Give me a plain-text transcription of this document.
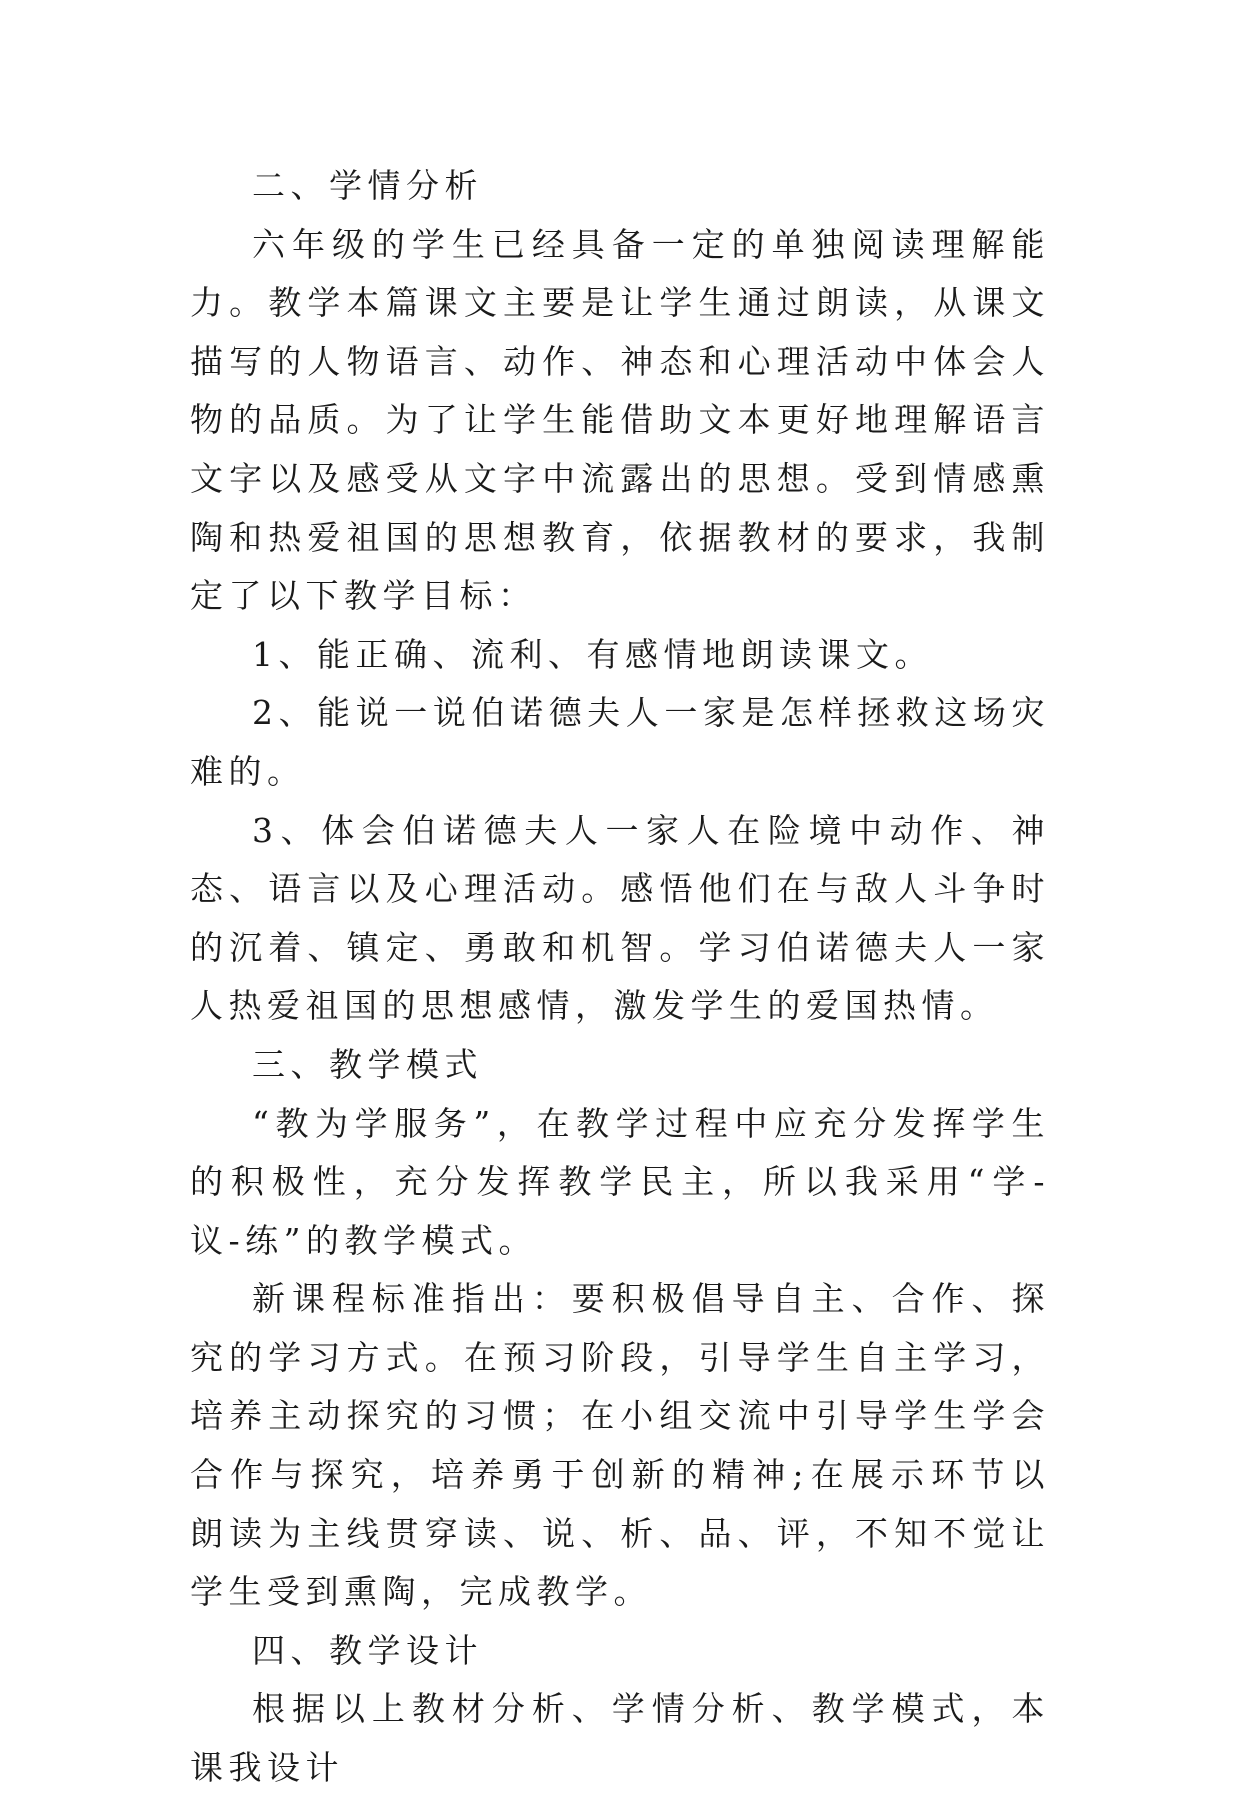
二、学情分析

六年级的学生已经具备一定的单独阅读理解能力。教学本篇课文主要是让学生通过朗读，从课文描写的人物语言、动作、神态和心理活动中体会人物的品质。为了让学生能借助文本更好地理解语言文字以及感受从文字中流露出的思想。受到情感熏陶和热爱祖国的思想教育，依据教材的要求，我制定了以下教学目标：

1、能正确、流利、有感情地朗读课文。

2、能说一说伯诺德夫人一家是怎样拯救这场灾难的。

3、体会伯诺德夫人一家人在险境中动作、神态、语言以及心理活动。感悟他们在与敌人斗争时的沉着、镇定、勇敢和机智。学习伯诺德夫人一家人热爱祖国的思想感情，激发学生的爱国热情。

三、教学模式

“教为学服务”，在教学过程中应充分发挥学生的积极性，充分发挥教学民主，所以我采用“学-议-练”的教学模式。

新课程标准指出：要积极倡导自主、合作、探究的学习方式。在预习阶段，引导学生自主学习，培养主动探究的习惯；在小组交流中引导学生学会合作与探究，培养勇于创新的精神;在展示环节以朗读为主线贯穿读、说、析、品、评，不知不觉让学生受到熏陶，完成教学。

四、教学设计

根据以上教材分析、学情分析、教学模式，本课我设计
